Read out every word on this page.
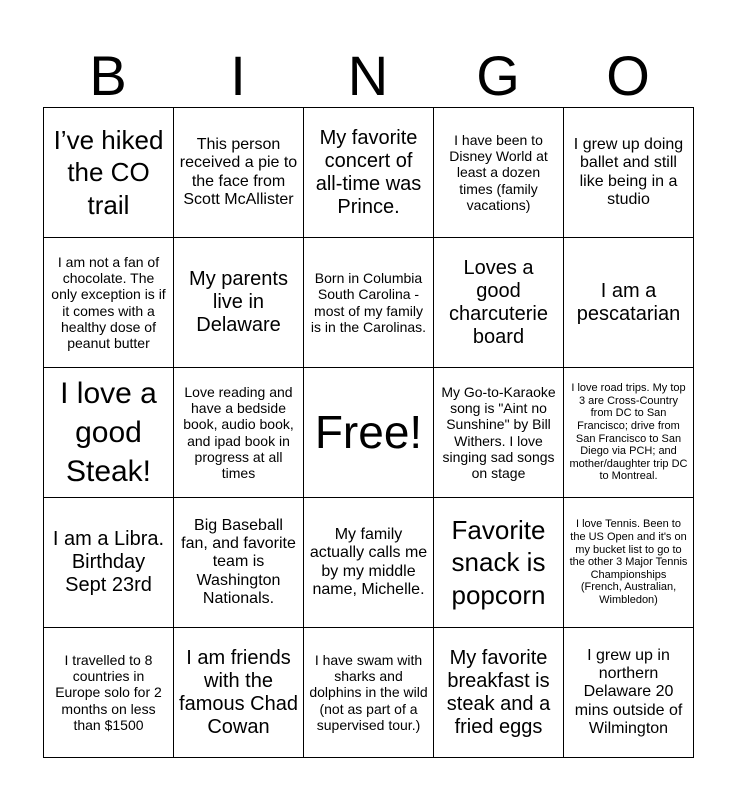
B	I	N	G	O
I’ve hiked the CO trail	This person received a pie to the face from Scott McAllister	My favorite concert of all-time was Prince.	I have been to Disney World at least a dozen times (family vacations)	I grew up doing ballet and still like being in a studio
I am not a fan of chocolate. The only exception is if it comes with a healthy dose of peanut butter	My parents live in Delaware	Born in Columbia South Carolina - most of my family is in the Carolinas.	Loves a good charcuterie board	I am a pescatarian
I love a good Steak!	Love reading and have a bedside book, audio book, and ipad book in progress at all times	Free!	My Go-to-Karaoke song is "Aint no Sunshine" by Bill Withers. I love singing sad songs on stage	I love road trips. My top 3 are Cross-Country from DC to San Francisco; drive from San Francisco to San Diego via PCH; and mother/daughter trip DC to Montreal.
I am a Libra. Birthday Sept 23rd	Big Baseball fan, and favorite team is Washington Nationals.	My family actually calls me by my middle name, Michelle.	Favorite snack is popcorn	I love Tennis. Been to the US Open and it's on my bucket list to go to the other 3 Major Tennis Championships (French, Australian, Wimbledon)
I travelled to 8 countries in Europe solo for 2 months on less than $1500	I am friends with the famous Chad Cowan	I have swam with sharks and dolphins in the wild (not as part of a supervised tour.)	My favorite breakfast is steak and a fried eggs	I grew up in northern Delaware 20 mins outside of Wilmington
